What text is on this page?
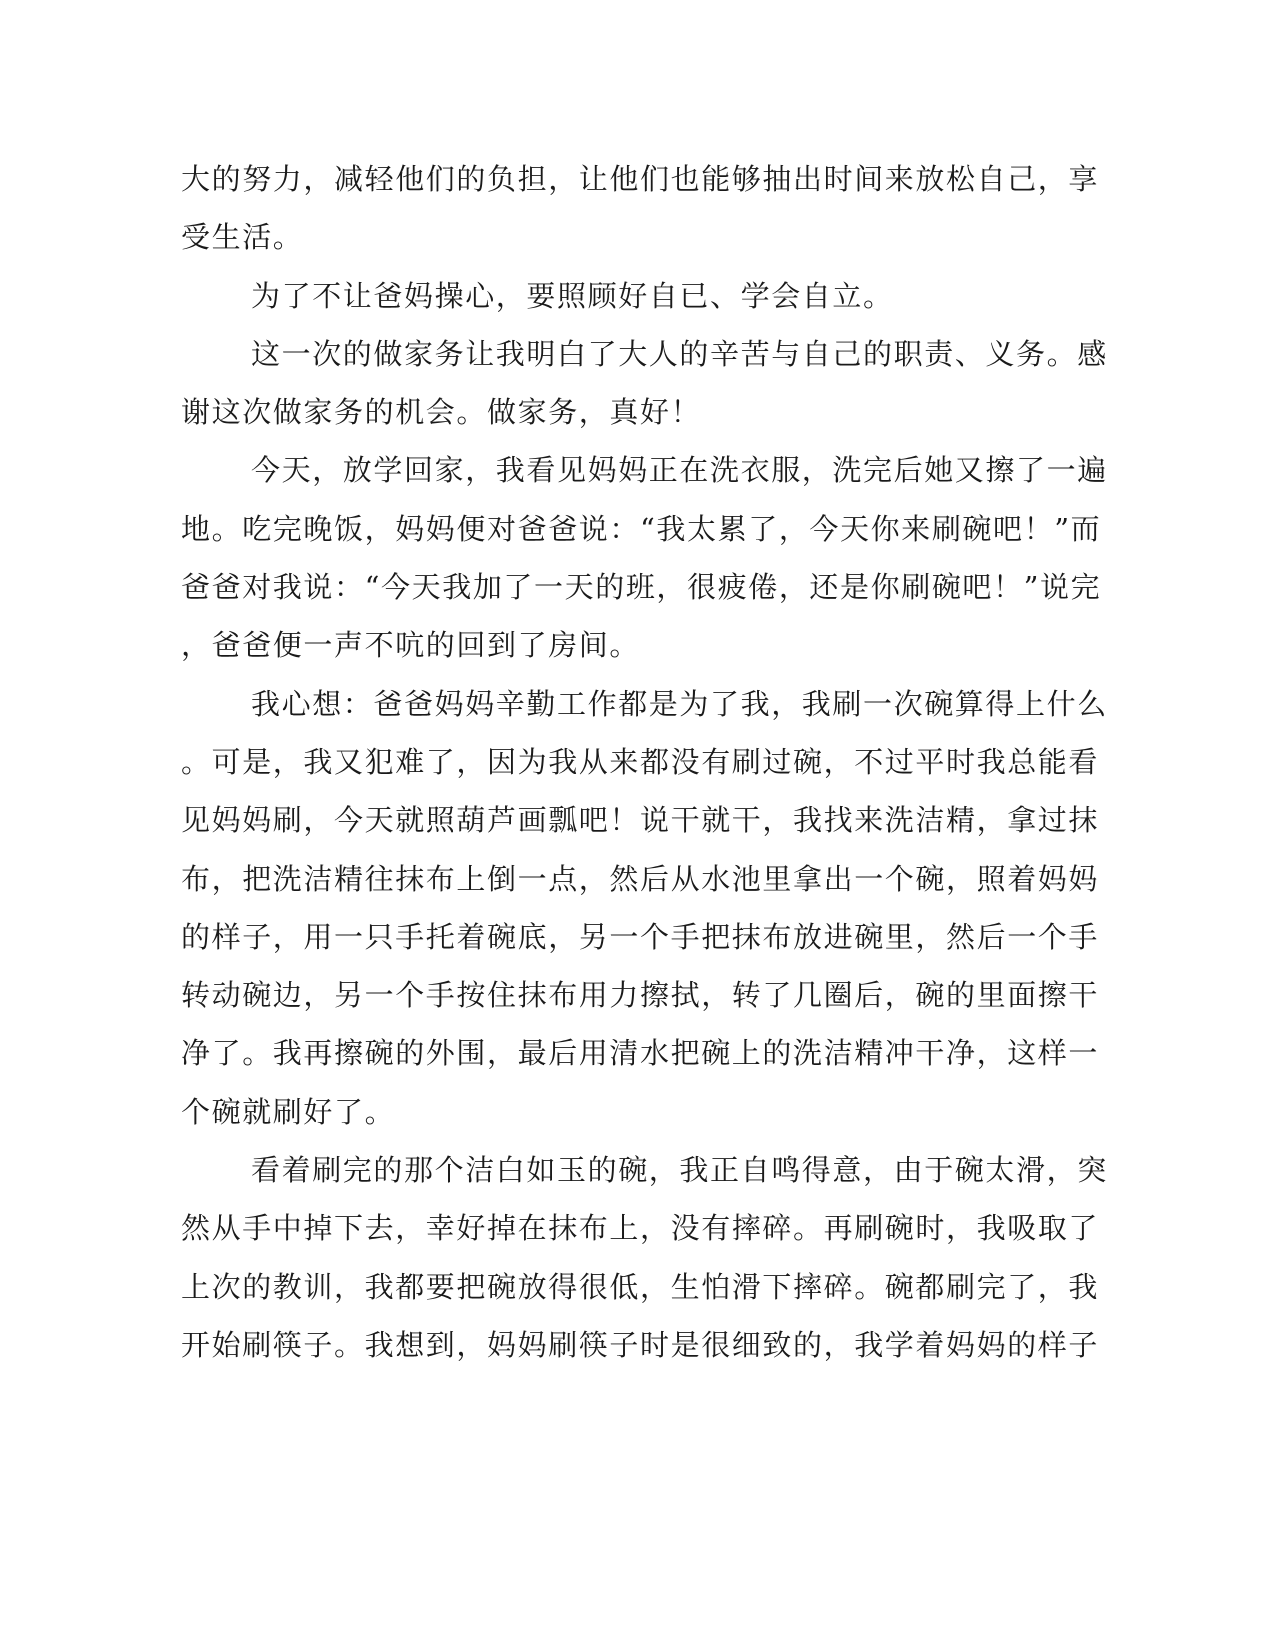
大的努力，减轻他们的负担，让他们也能够抽出时间来放松自己，享
受生活。
为了不让爸妈操心，要照顾好自已、学会自立。
这一次的做家务让我明白了大人的辛苦与自己的职责、义务。感
谢这次做家务的机会。做家务，真好！
今天，放学回家，我看见妈妈正在洗衣服，洗完后她又擦了一遍
地。吃完晚饭，妈妈便对爸爸说：“我太累了，今天你来刷碗吧！”而
爸爸对我说：“今天我加了一天的班，很疲倦，还是你刷碗吧！”说完
，爸爸便一声不吭的回到了房间。
我心想：爸爸妈妈辛勤工作都是为了我，我刷一次碗算得上什么
。可是，我又犯难了，因为我从来都没有刷过碗，不过平时我总能看
见妈妈刷，今天就照葫芦画瓢吧！说干就干，我找来洗洁精，拿过抹
布，把洗洁精往抹布上倒一点，然后从水池里拿出一个碗，照着妈妈
的样子，用一只手托着碗底，另一个手把抹布放进碗里，然后一个手
转动碗边，另一个手按住抹布用力擦拭，转了几圈后，碗的里面擦干
净了。我再擦碗的外围，最后用清水把碗上的洗洁精冲干净，这样一
个碗就刷好了。
看着刷完的那个洁白如玉的碗，我正自鸣得意，由于碗太滑，突
然从手中掉下去，幸好掉在抹布上，没有摔碎。再刷碗时，我吸取了
上次的教训，我都要把碗放得很低，生怕滑下摔碎。碗都刷完了，我
开始刷筷子。我想到，妈妈刷筷子时是很细致的，我学着妈妈的样子
